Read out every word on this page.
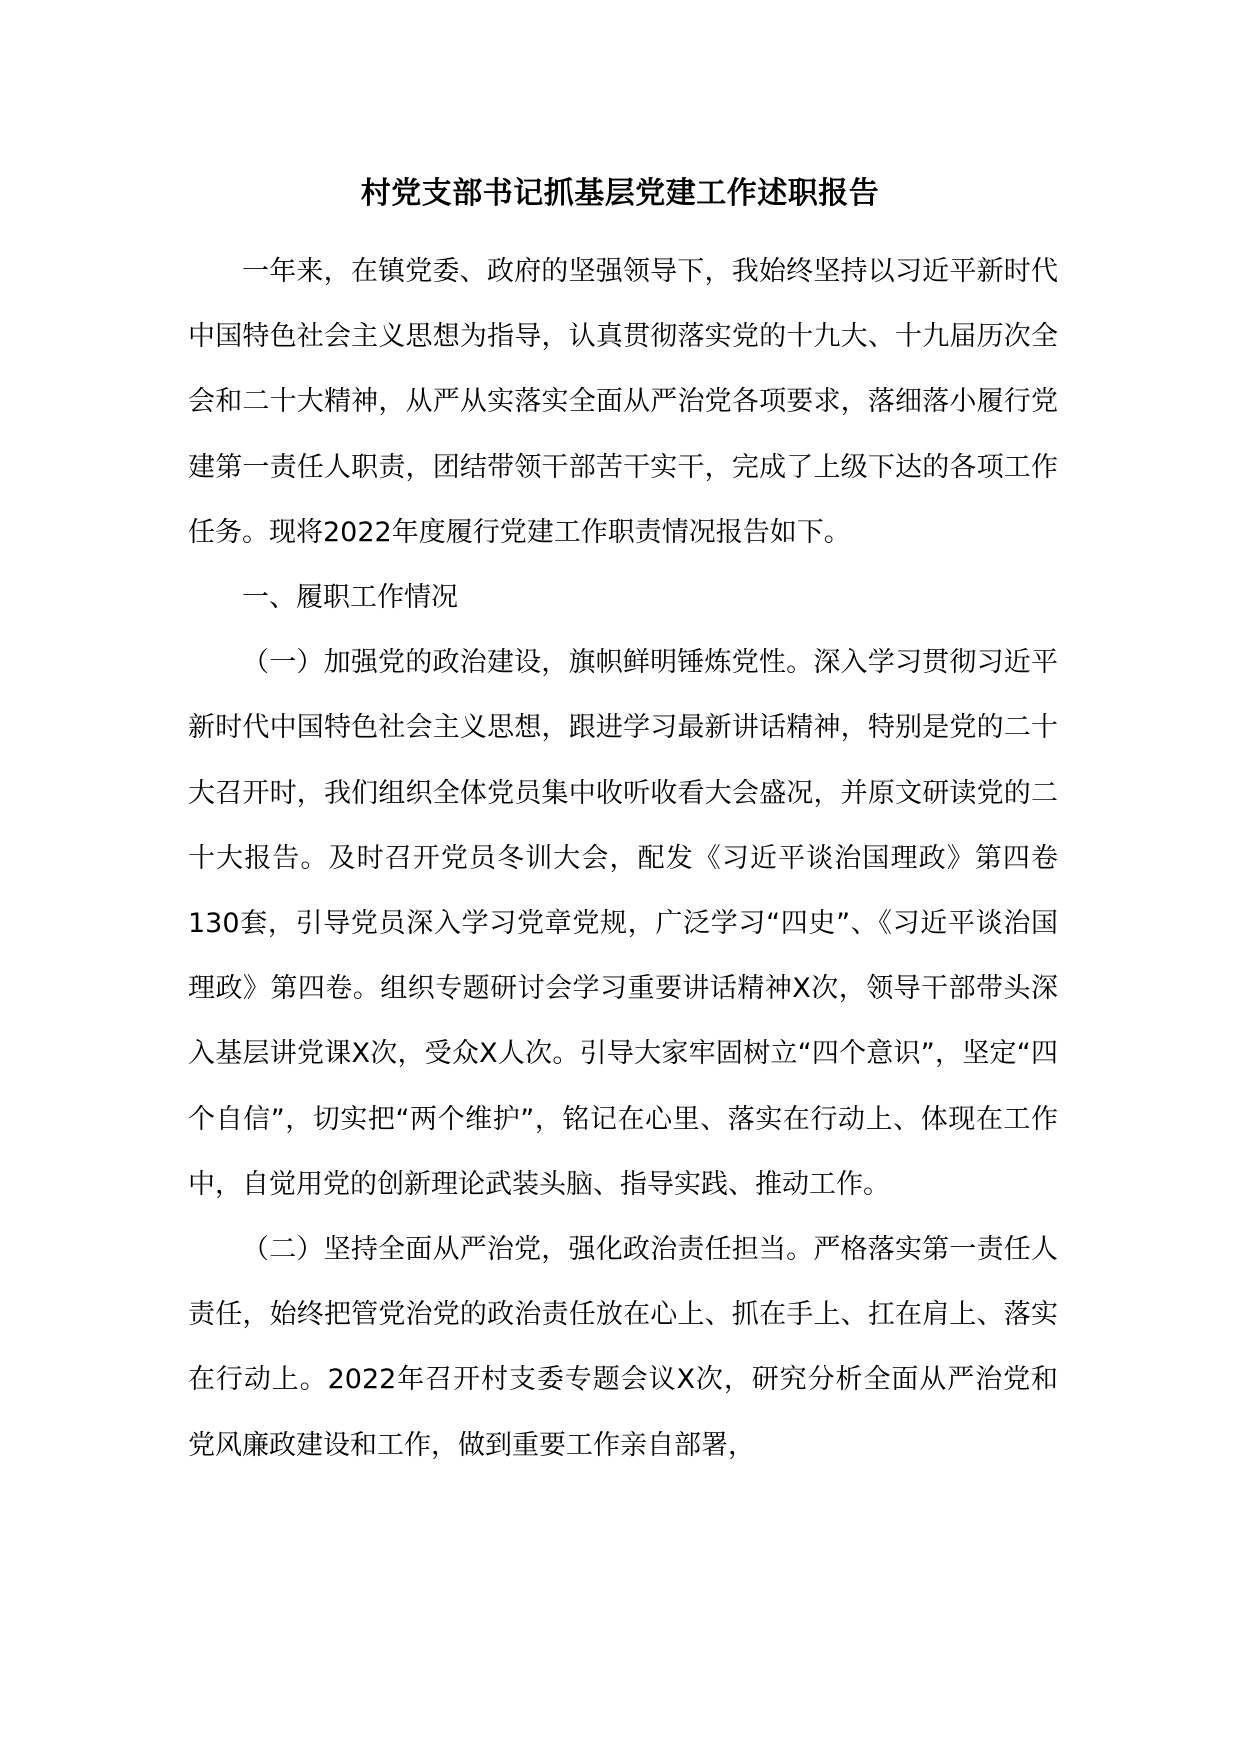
村党支部书记抓基层党建工作述职报告

一年来，在镇党委、政府的坚强领导下，我始终坚持以习近平新时代中国特色社会主义思想为指导，认真贯彻落实党的十九大、十九届历次全会和二十大精神，从严从实落实全面从严治党各项要求，落细落小履行党建第一责任人职责，团结带领干部苦干实干，完成了上级下达的各项工作任务。现将2022年度履行党建工作职责情况报告如下。

一、履职工作情况

（一）加强党的政治建设，旗帜鲜明锤炼党性。深入学习贯彻习近平新时代中国特色社会主义思想，跟进学习最新讲话精神，特别是党的二十大召开时，我们组织全体党员集中收听收看大会盛况，并原文研读党的二十大报告。及时召开党员冬训大会，配发《习近平谈治国理政》第四卷130套，引导党员深入学习党章党规，广泛学习“四史”、《习近平谈治国理政》第四卷。组织专题研讨会学习重要讲话精神X次，领导干部带头深入基层讲党课X次，受众X人次。引导大家牢固树立“四个意识”，坚定“四个自信”，切实把“两个维护”，铭记在心里、落实在行动上、体现在工作中，自觉用党的创新理论武装头脑、指导实践、推动工作。

（二）坚持全面从严治党，强化政治责任担当。严格落实第一责任人责任，始终把管党治党的政治责任放在心上、抓在手上、扛在肩上、落实在行动上。2022年召开村支委专题会议X次，研究分析全面从严治党和党风廉政建设和工作，做到重要工作亲自部署，
